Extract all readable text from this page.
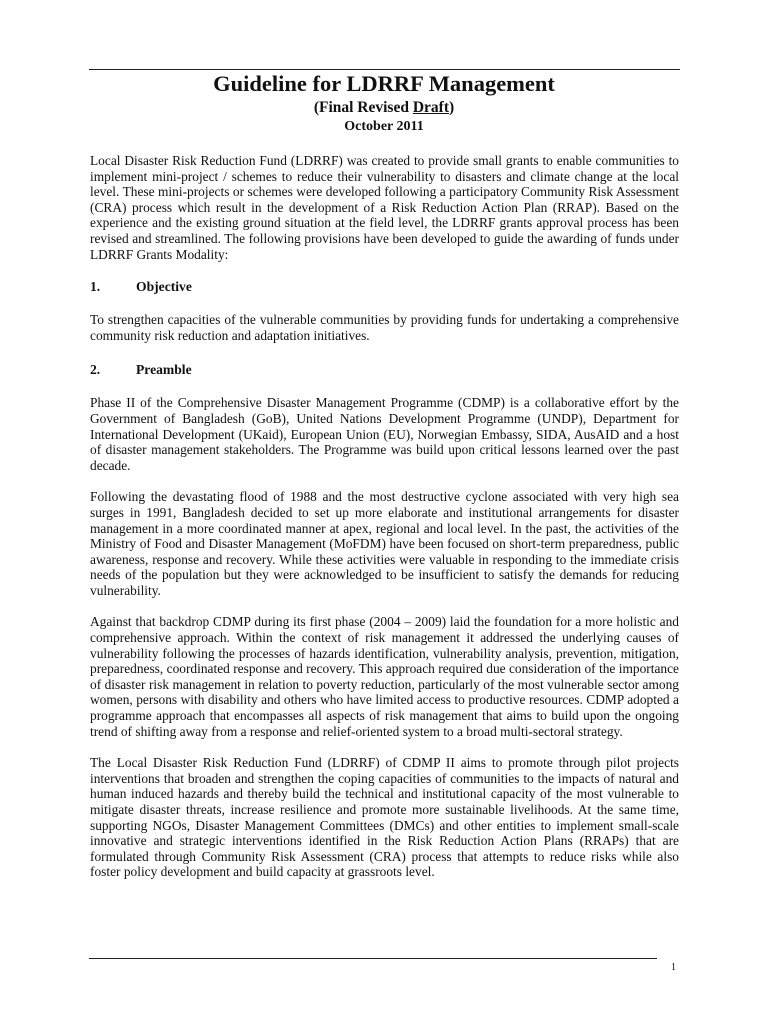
Guideline for LDRRF Management
(Final Revised Draft)
October 2011

Local Disaster Risk Reduction Fund (LDRRF) was created to provide small grants to enable communities to implement mini-project / schemes to reduce their vulnerability to disasters and climate change at the local level. These mini-projects or schemes were developed following a participatory Community Risk Assessment (CRA) process which result in the development of a Risk Reduction Action Plan (RRAP). Based on the experience and the existing ground situation at the field level, the LDRRF grants approval process has been revised and streamlined. The following provisions have been developed to guide the awarding of funds under LDRRF Grants Modality:

1.	Objective

To strengthen capacities of the vulnerable communities by providing funds for undertaking a comprehensive community risk reduction and adaptation initiatives.

2.	Preamble

Phase II of the Comprehensive Disaster Management Programme (CDMP) is a collaborative effort by the Government of Bangladesh (GoB), United Nations Development Programme (UNDP), Department for International Development (UKaid), European Union (EU), Norwegian Embassy, SIDA, AusAID and a host of disaster management stakeholders. The Programme was build upon critical lessons learned over the past decade.

Following the devastating flood of 1988 and the most destructive cyclone associated with very high sea surges in 1991, Bangladesh decided to set up more elaborate and institutional arrangements for disaster management in a more coordinated manner at apex, regional and local level. In the past, the activities of the Ministry of Food and Disaster Management (MoFDM) have been focused on short-term preparedness, public awareness, response and recovery. While these activities were valuable in responding to the immediate crisis needs of the population but they were acknowledged to be insufficient to satisfy the demands for reducing vulnerability.

Against that backdrop CDMP during its first phase (2004 – 2009) laid the foundation for a more holistic and comprehensive approach. Within the context of risk management it addressed the underlying causes of vulnerability following the processes of hazards identification, vulnerability analysis, prevention, mitigation, preparedness, coordinated response and recovery. This approach required due consideration of the importance of disaster risk management in relation to poverty reduction, particularly of the most vulnerable sector among women, persons with disability and others who have limited access to productive resources. CDMP adopted a programme approach that encompasses all aspects of risk management that aims to build upon the ongoing trend of shifting away from a response and relief-oriented system to a broad multi-sectoral strategy.

The Local Disaster Risk Reduction Fund (LDRRF) of CDMP II aims to promote through pilot projects interventions that broaden and strengthen the coping capacities of communities to the impacts of natural and human induced hazards and thereby build the technical and institutional capacity of the most vulnerable to mitigate disaster threats, increase resilience and promote more sustainable livelihoods. At the same time, supporting NGOs, Disaster Management Committees (DMCs) and other entities to implement small-scale innovative and strategic interventions identified in the Risk Reduction Action Plans (RRAPs) that are formulated through Community Risk Assessment (CRA) process that attempts to reduce risks while also foster policy development and build capacity at grassroots level.

1
